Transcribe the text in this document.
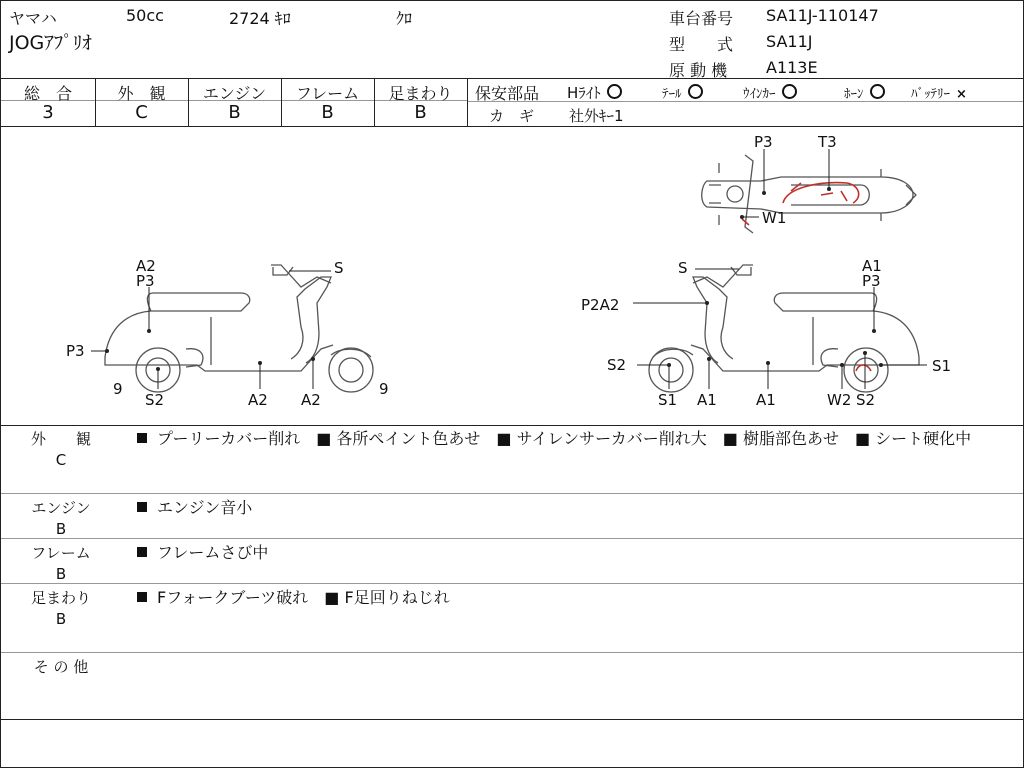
ヤマハ	50cc	2724 ｷﾛ	ｸﾛ
JOGｱﾌﾟﾘｵ
車台番号 SA11J-110147
型　　式 SA11J
原 動 機 A113E
総　合	外　観	エンジン	フレーム	足まわり
3	C	B	B	B
保安部品 Hﾗｲﾄ	ﾃｰﾙ	ｳｲﾝｶｰ	ﾎｰﾝ	ﾊﾞｯﾃﾘｰ ×
カ　ギ 社外ｷｰ1
A2
P3
S
P3
9
S2	A2 A2
9
S	A1
P3
P2A2
S2	S1
S1 A1	A1	W2 S2
P3	T3
W1
外　　観
C
プーリーカバー削れ　■ 各所ペイント色あせ　■ サイレンサーカバー削れ大　■ 樹脂部色あせ　■ シート硬化中
エンジン
B
エンジン音小
フレーム
B
フレームさび中
足まわり
B
Fフォークブーツ破れ　■ F足回りねじれ
そ の 他
